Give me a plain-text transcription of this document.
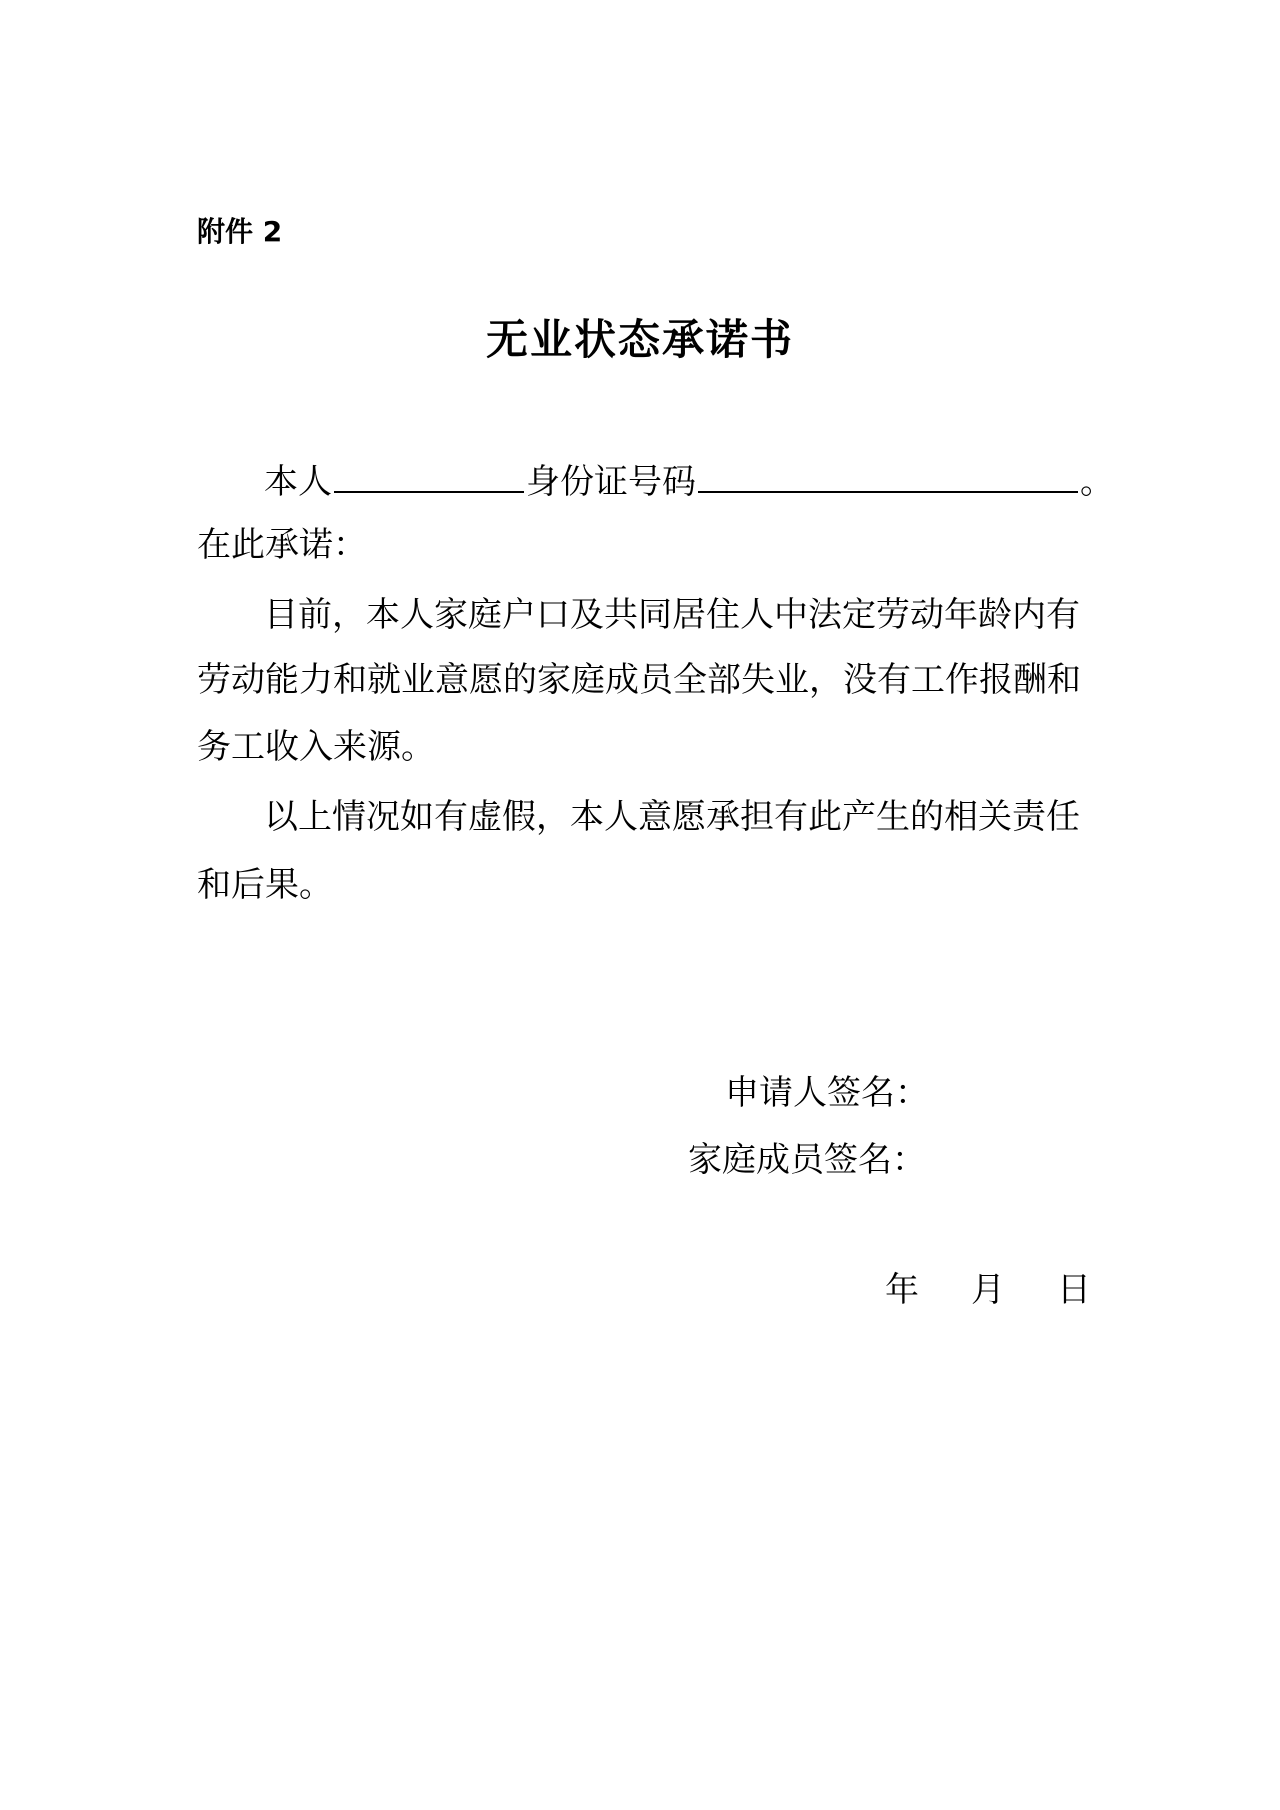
附件 2
无业状态承诺书
本人	身份证号码	。
在此承诺：
目前，本人家庭户口及共同居住人中法定劳动年龄内有
劳动能力和就业意愿的家庭成员全部失业，没有工作报酬和
务工收入来源。
以上情况如有虚假，本人意愿承担有此产生的相关责任
和后果。
申请人签名：
家庭成员签名：
年 月 日
